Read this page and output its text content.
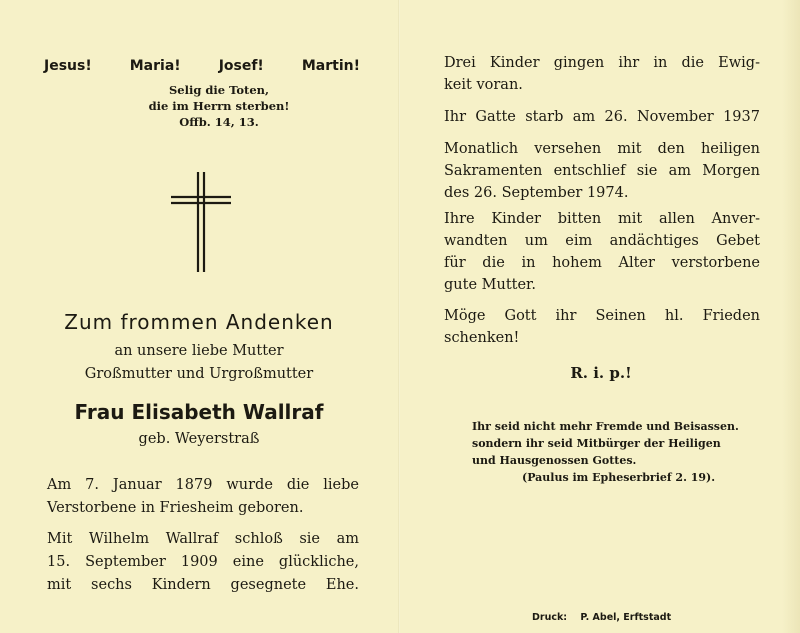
Jesus!	Maria!	Josef!	Martin!
Selig die Toten,
die im Herrn sterben!
Offb. 14, 13.
Zum frommen Andenken
an unsere liebe Mutter
Großmutter und Urgroßmutter
Frau Elisabeth Wallraf
geb. Weyerstraß
Am 7. Januar 1879 wurde die liebe
Verstorbene in Friesheim geboren.
Mit Wilhelm Wallraf schloß sie am
15. September 1909 eine glückliche,
mit sechs Kindern gesegnete Ehe.
Drei Kinder gingen ihr in die Ewig-
keit voran.
Ihr Gatte starb am 26. November 1937
Monatlich versehen mit den heiligen
Sakramenten entschlief sie am Morgen
des 26. September 1974.
Ihre Kinder bitten mit allen Anver-
wandten um eim andächtiges Gebet
für die in hohem Alter verstorbene
gute Mutter.
Möge Gott ihr Seinen hl. Frieden
schenken!
R. i. p.!
Ihr seid nicht mehr Fremde und Beisassen.
sondern ihr seid Mitbürger der Heiligen
und Hausgenossen Gottes.
(Paulus im Epheserbrief 2. 19).
Druck: P. Abel, Erftstadt
